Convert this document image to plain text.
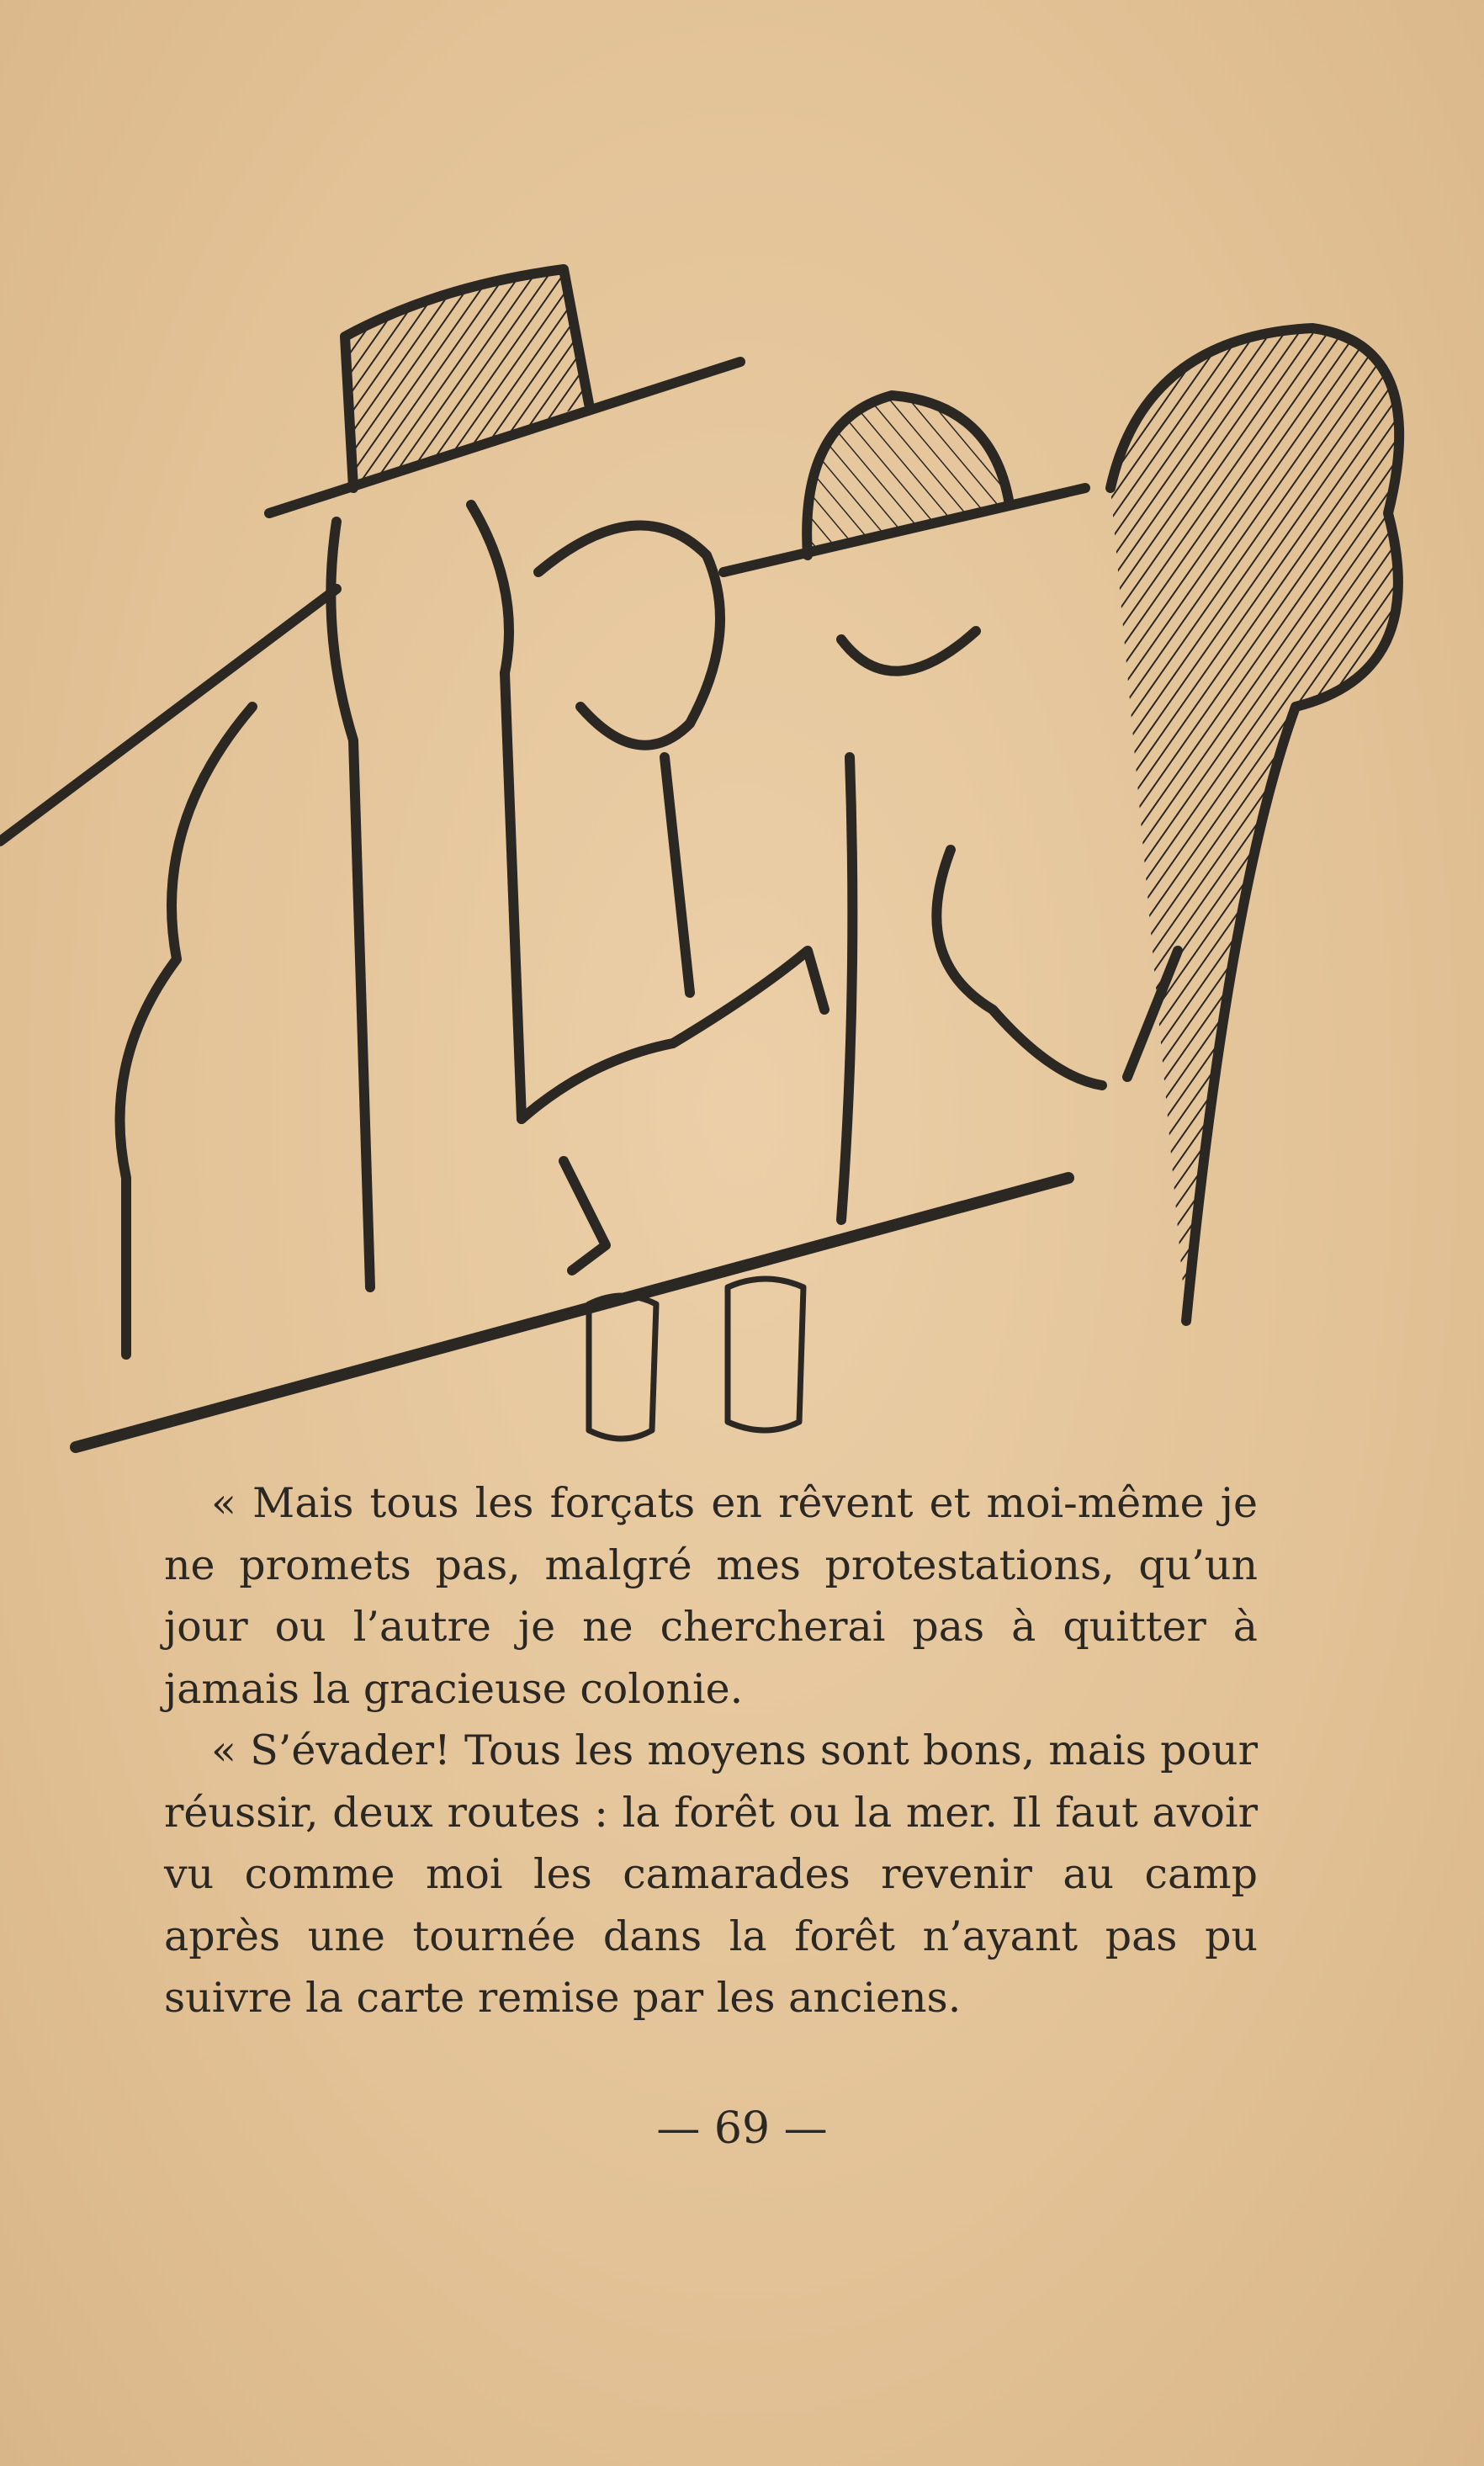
« Mais tous les forçats en rêvent et moi-même je ne promets pas, malgré mes protestations, qu’un jour ou l’autre je ne chercherai pas à quitter à jamais la gracieuse colonie.

« S’évader! Tous les moyens sont bons, mais pour réussir, deux routes : la forêt ou la mer. Il faut avoir vu comme moi les camarades revenir au camp après une tournée dans la forêt n’ayant pas pu suivre la carte remise par les anciens.

— 69 —
